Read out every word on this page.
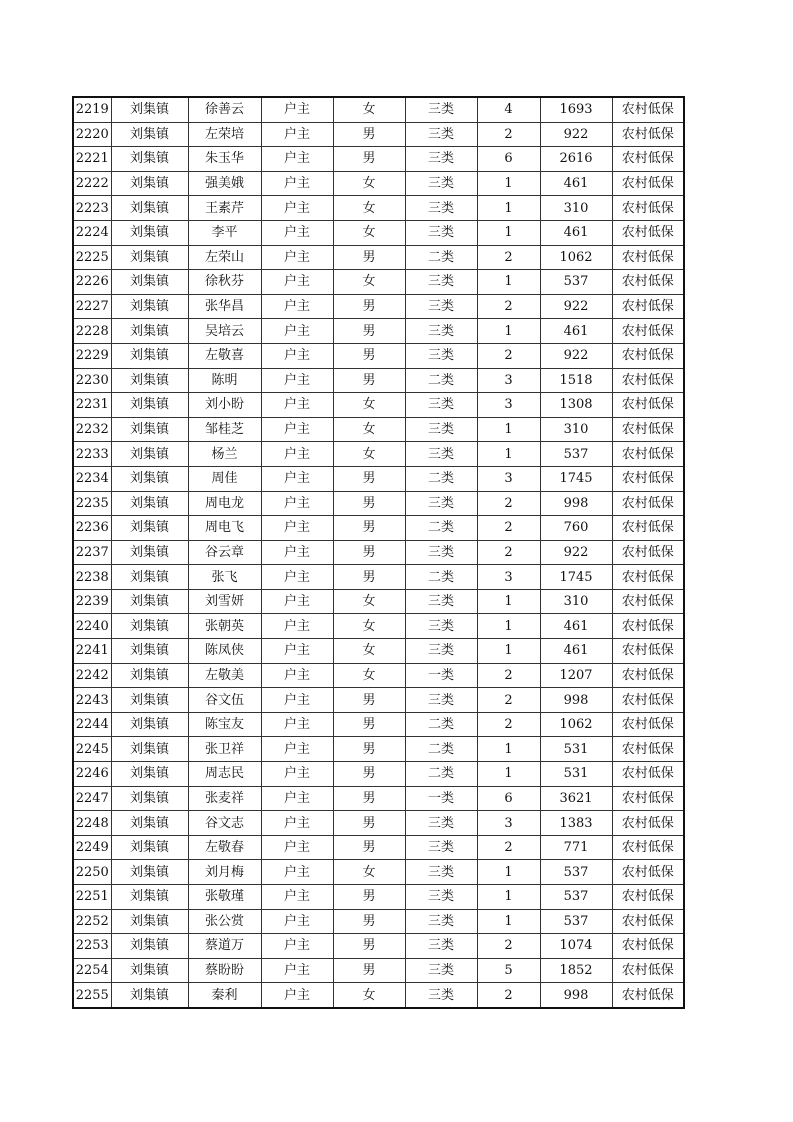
2219	刘集镇	徐善云	户主	女	三类	4	1693	农村低保
2220	刘集镇	左荣培	户主	男	三类	2	922	农村低保
2221	刘集镇	朱玉华	户主	男	三类	6	2616	农村低保
2222	刘集镇	强美娥	户主	女	三类	1	461	农村低保
2223	刘集镇	王素芹	户主	女	三类	1	310	农村低保
2224	刘集镇	李平	户主	女	三类	1	461	农村低保
2225	刘集镇	左荣山	户主	男	二类	2	1062	农村低保
2226	刘集镇	徐秋芬	户主	女	三类	1	537	农村低保
2227	刘集镇	张华昌	户主	男	三类	2	922	农村低保
2228	刘集镇	吴培云	户主	男	三类	1	461	农村低保
2229	刘集镇	左敬喜	户主	男	三类	2	922	农村低保
2230	刘集镇	陈明	户主	男	二类	3	1518	农村低保
2231	刘集镇	刘小盼	户主	女	三类	3	1308	农村低保
2232	刘集镇	邹桂芝	户主	女	三类	1	310	农村低保
2233	刘集镇	杨兰	户主	女	三类	1	537	农村低保
2234	刘集镇	周佳	户主	男	二类	3	1745	农村低保
2235	刘集镇	周电龙	户主	男	三类	2	998	农村低保
2236	刘集镇	周电飞	户主	男	二类	2	760	农村低保
2237	刘集镇	谷云章	户主	男	三类	2	922	农村低保
2238	刘集镇	张飞	户主	男	二类	3	1745	农村低保
2239	刘集镇	刘雪妍	户主	女	三类	1	310	农村低保
2240	刘集镇	张朝英	户主	女	三类	1	461	农村低保
2241	刘集镇	陈凤侠	户主	女	三类	1	461	农村低保
2242	刘集镇	左敬美	户主	女	一类	2	1207	农村低保
2243	刘集镇	谷文伍	户主	男	三类	2	998	农村低保
2244	刘集镇	陈宝友	户主	男	二类	2	1062	农村低保
2245	刘集镇	张卫祥	户主	男	二类	1	531	农村低保
2246	刘集镇	周志民	户主	男	二类	1	531	农村低保
2247	刘集镇	张麦祥	户主	男	一类	6	3621	农村低保
2248	刘集镇	谷文志	户主	男	三类	3	1383	农村低保
2249	刘集镇	左敬春	户主	男	三类	2	771	农村低保
2250	刘集镇	刘月梅	户主	女	三类	1	537	农村低保
2251	刘集镇	张敬瑾	户主	男	三类	1	537	农村低保
2252	刘集镇	张公赏	户主	男	三类	1	537	农村低保
2253	刘集镇	蔡道万	户主	男	三类	2	1074	农村低保
2254	刘集镇	蔡盼盼	户主	男	三类	5	1852	农村低保
2255	刘集镇	秦利	户主	女	三类	2	998	农村低保
